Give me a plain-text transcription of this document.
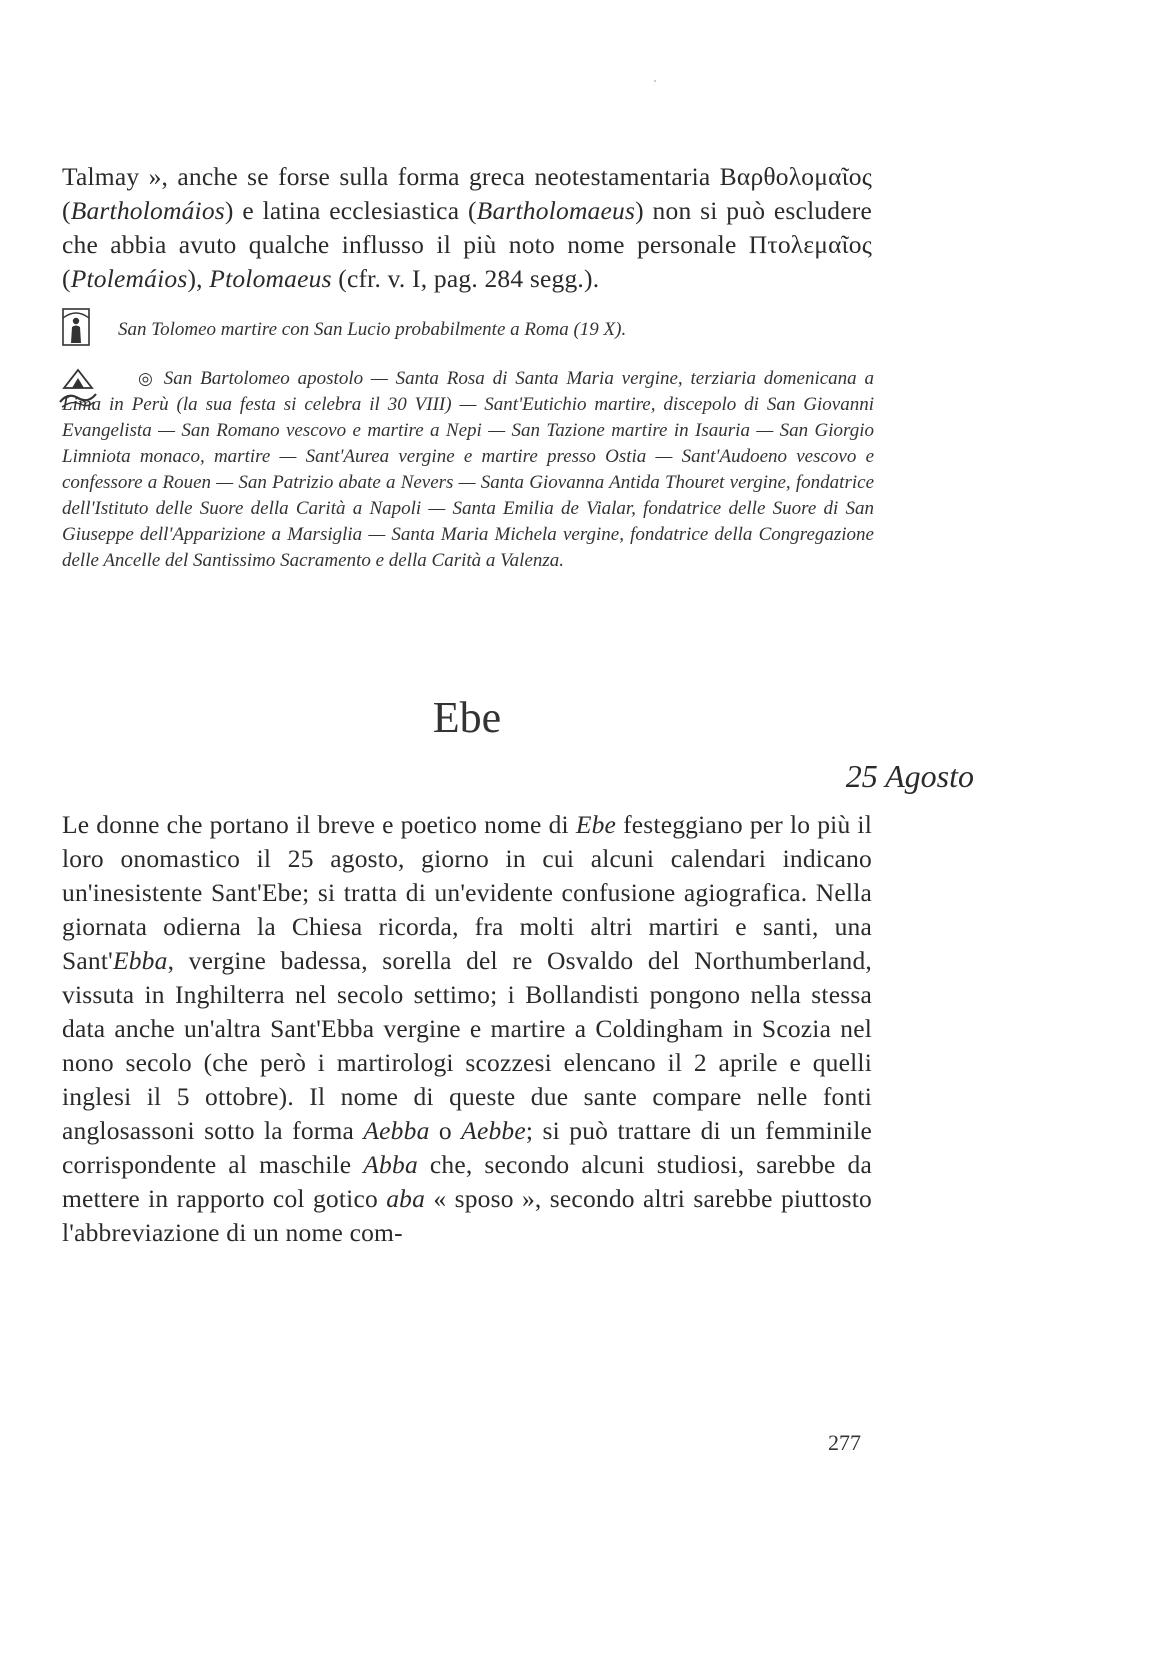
Talmay », anche se forse sulla forma greca neotestamentaria Βαρθολομαῖος (Bartholomáios) e latina ecclesiastica (Bartholomaeus) non si può escludere che abbia avuto qualche influsso il più noto nome personale Πτολεμαῖος (Ptolemáios), Ptolomaeus (cfr. v. I, pag. 284 segg.).

San Tolomeo martire con San Lucio probabilmente a Roma (19 X).

◎ San Bartolomeo apostolo — Santa Rosa di Santa Maria vergine, terziaria domenicana a Lima in Perù (la sua festa si celebra il 30 VIII) — Sant'Eutichio martire, discepolo di San Giovanni Evangelista — San Romano vescovo e martire a Nepi — San Tazione martire in Isauria — San Giorgio Limniota monaco, martire — Sant'Aurea vergine e martire presso Ostia — Sant'Audoeno vescovo e confessore a Rouen — San Patrizio abate a Nevers — Santa Giovanna Antida Thouret vergine, fondatrice dell'Istituto delle Suore della Carità a Napoli — Santa Emilia de Vialar, fondatrice delle Suore di San Giuseppe dell'Apparizione a Marsiglia — Santa Maria Michela vergine, fondatrice della Congregazione delle Ancelle del Santissimo Sacramento e della Carità a Valenza.

Ebe

25 Agosto

Le donne che portano il breve e poetico nome di Ebe festeggiano per lo più il loro onomastico il 25 agosto, giorno in cui alcuni calendari indicano un'inesistente Sant'Ebe; si tratta di un'evidente confusione agiografica. Nella giornata odierna la Chiesa ricorda, fra molti altri martiri e santi, una Sant'Ebba, vergine badessa, sorella del re Osvaldo del Northumberland, vissuta in Inghilterra nel secolo settimo; i Bollandisti pongono nella stessa data anche un'altra Sant'Ebba vergine e martire a Coldingham in Scozia nel nono secolo (che però i martirologi scozzesi elencano il 2 aprile e quelli inglesi il 5 ottobre). Il nome di queste due sante compare nelle fonti anglosassoni sotto la forma Aebba o Aebbe; si può trattare di un femminile corrispondente al maschile Abba che, secondo alcuni studiosi, sarebbe da mettere in rapporto col gotico aba « sposo », secondo altri sarebbe piuttosto l'abbreviazione di un nome com-

277
